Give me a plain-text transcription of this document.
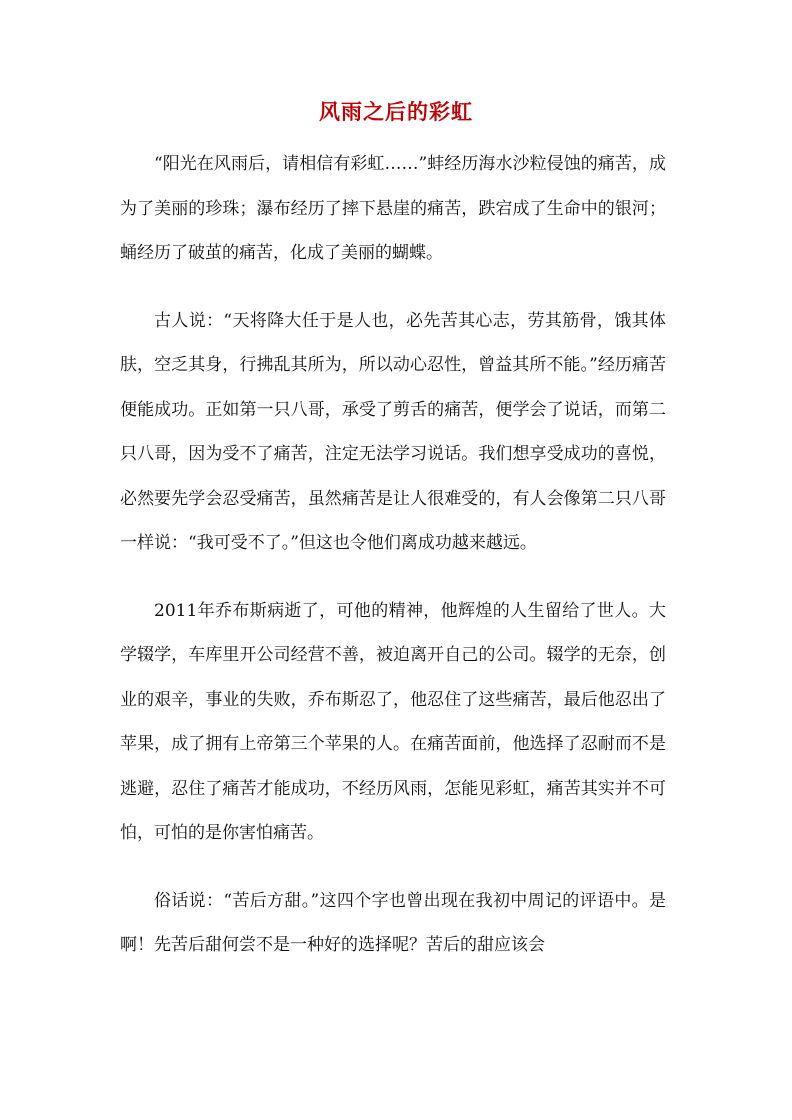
风雨之后的彩虹

“阳光在风雨后，请相信有彩虹……”蚌经历海水沙粒侵蚀的痛苦，成为了美丽的珍珠；瀑布经历了摔下悬崖的痛苦，跌宕成了生命中的银河；蛹经历了破茧的痛苦，化成了美丽的蝴蝶。

古人说：“天将降大任于是人也，必先苦其心志，劳其筋骨，饿其体肤，空乏其身，行拂乱其所为，所以动心忍性，曾益其所不能。”经历痛苦便能成功。正如第一只八哥，承受了剪舌的痛苦，便学会了说话，而第二只八哥，因为受不了痛苦，注定无法学习说话。我们想享受成功的喜悦，必然要先学会忍受痛苦，虽然痛苦是让人很难受的，有人会像第二只八哥一样说：“我可受不了。”但这也令他们离成功越来越远。

2011年乔布斯病逝了，可他的精神，他辉煌的人生留给了世人。大学辍学，车库里开公司经营不善，被迫离开自己的公司。辍学的无奈，创业的艰辛，事业的失败，乔布斯忍了，他忍住了这些痛苦，最后他忍出了苹果，成了拥有上帝第三个苹果的人。在痛苦面前，他选择了忍耐而不是逃避，忍住了痛苦才能成功，不经历风雨，怎能见彩虹，痛苦其实并不可怕，可怕的是你害怕痛苦。

俗话说：“苦后方甜。”这四个字也曾出现在我初中周记的评语中。是啊！先苦后甜何尝不是一种好的选择呢？苦后的甜应该会
